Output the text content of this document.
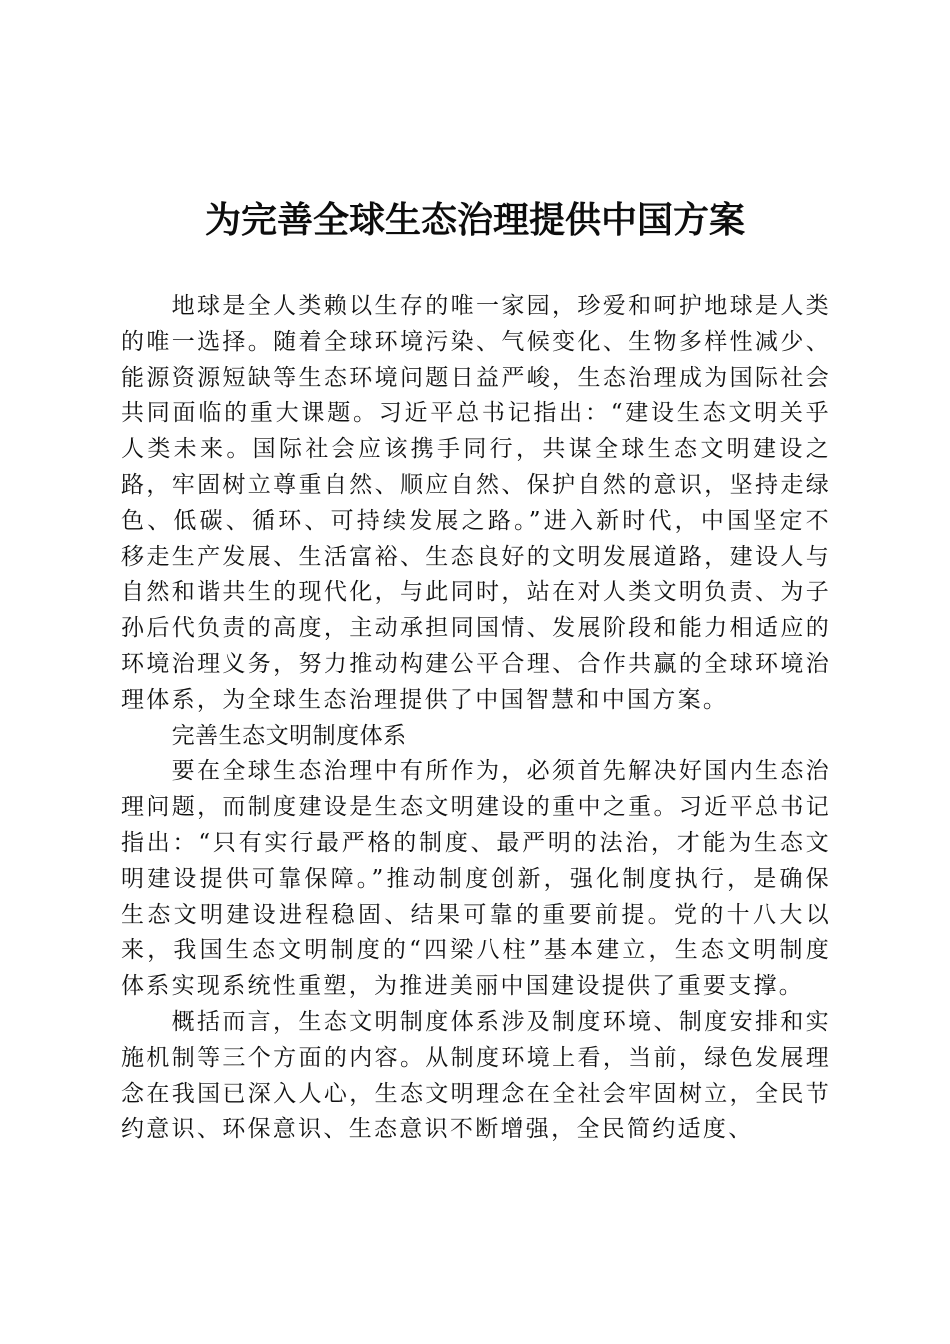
为完善全球生态治理提供中国方案

地球是全人类赖以生存的唯一家园，珍爱和呵护地球是人类的唯一选择。随着全球环境污染、气候变化、生物多样性减少、能源资源短缺等生态环境问题日益严峻，生态治理成为国际社会共同面临的重大课题。习近平总书记指出：“建设生态文明关乎人类未来。国际社会应该携手同行，共谋全球生态文明建设之路，牢固树立尊重自然、顺应自然、保护自然的意识，坚持走绿色、低碳、循环、可持续发展之路。”进入新时代，中国坚定不移走生产发展、生活富裕、生态良好的文明发展道路，建设人与自然和谐共生的现代化，与此同时，站在对人类文明负责、为子孙后代负责的高度，主动承担同国情、发展阶段和能力相适应的环境治理义务，努力推动构建公平合理、合作共赢的全球环境治理体系，为全球生态治理提供了中国智慧和中国方案。

完善生态文明制度体系

要在全球生态治理中有所作为，必须首先解决好国内生态治理问题，而制度建设是生态文明建设的重中之重。习近平总书记指出：“只有实行最严格的制度、最严明的法治，才能为生态文明建设提供可靠保障。”推动制度创新，强化制度执行，是确保生态文明建设进程稳固、结果可靠的重要前提。党的十八大以来，我国生态文明制度的“四梁八柱”基本建立，生态文明制度体系实现系统性重塑，为推进美丽中国建设提供了重要支撑。

概括而言，生态文明制度体系涉及制度环境、制度安排和实施机制等三个方面的内容。从制度环境上看，当前，绿色发展理念在我国已深入人心，生态文明理念在全社会牢固树立，全民节约意识、环保意识、生态意识不断增强，全民简约适度、
